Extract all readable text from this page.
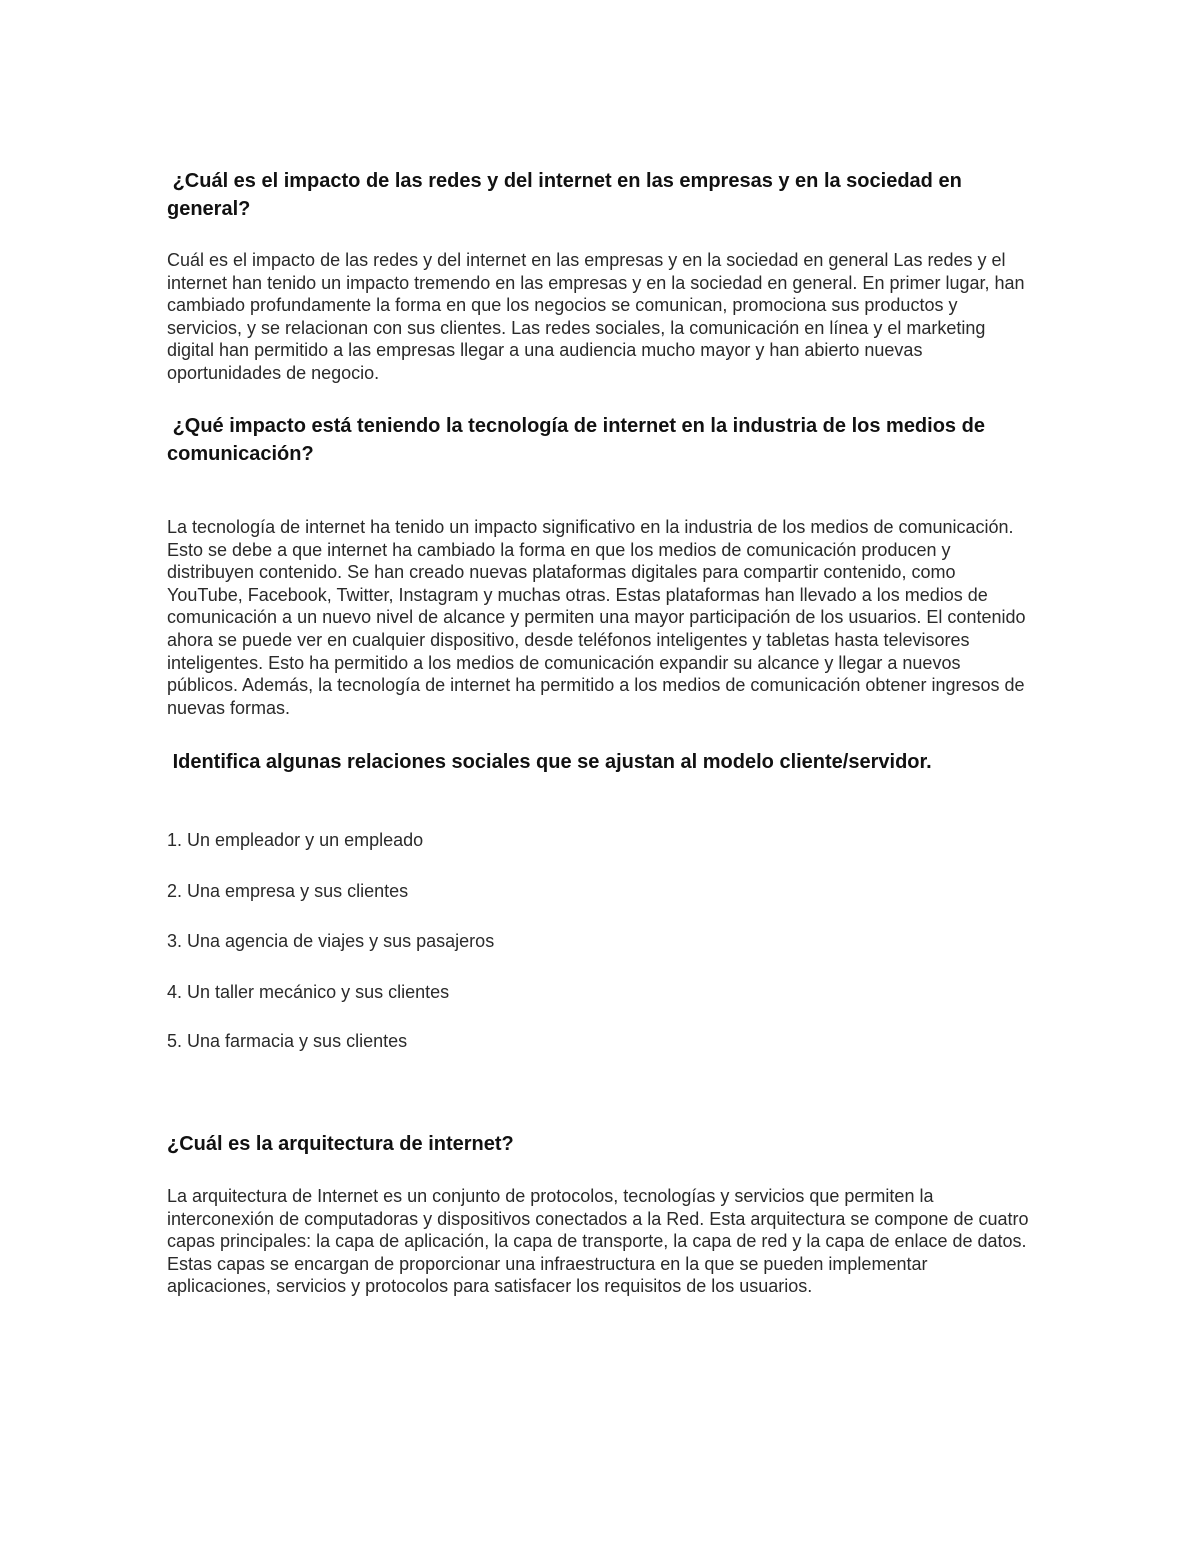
¿Cuál es el impacto de las redes y del internet en las empresas y en la sociedad en general?

Cuál es el impacto de las redes y del internet en las empresas y en la sociedad en general Las redes y el internet han tenido un impacto tremendo en las empresas y en la sociedad en general. En primer lugar, han cambiado profundamente la forma en que los negocios se comunican, promociona sus productos y servicios, y se relacionan con sus clientes. Las redes sociales, la comunicación en línea y el marketing digital han permitido a las empresas llegar a una audiencia mucho mayor y han abierto nuevas oportunidades de negocio.

¿Qué impacto está teniendo la tecnología de internet en la industria de los medios de comunicación?

La tecnología de internet ha tenido un impacto significativo en la industria de los medios de comunicación. Esto se debe a que internet ha cambiado la forma en que los medios de comunicación producen y distribuyen contenido. Se han creado nuevas plataformas digitales para compartir contenido, como YouTube, Facebook, Twitter, Instagram y muchas otras. Estas plataformas han llevado a los medios de comunicación a un nuevo nivel de alcance y permiten una mayor participación de los usuarios. El contenido ahora se puede ver en cualquier dispositivo, desde teléfonos inteligentes y tabletas hasta televisores inteligentes. Esto ha permitido a los medios de comunicación expandir su alcance y llegar a nuevos públicos. Además, la tecnología de internet ha permitido a los medios de comunicación obtener ingresos de nuevas formas.

Identifica algunas relaciones sociales que se ajustan al modelo cliente/servidor.

1. Un empleador y un empleado

2. Una empresa y sus clientes

3. Una agencia de viajes y sus pasajeros

4. Un taller mecánico y sus clientes

5. Una farmacia y sus clientes

¿Cuál es la arquitectura de internet?

La arquitectura de Internet es un conjunto de protocolos, tecnologías y servicios que permiten la interconexión de computadoras y dispositivos conectados a la Red. Esta arquitectura se compone de cuatro capas principales: la capa de aplicación, la capa de transporte, la capa de red y la capa de enlace de datos. Estas capas se encargan de proporcionar una infraestructura en la que se pueden implementar aplicaciones, servicios y protocolos para satisfacer los requisitos de los usuarios.
